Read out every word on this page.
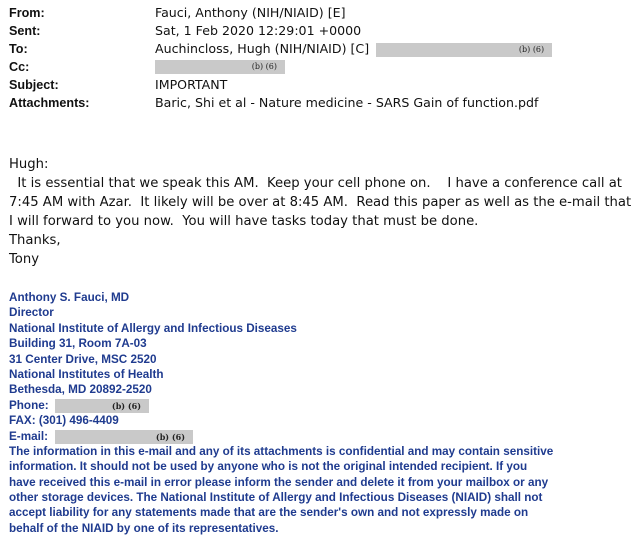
From:	Fauci, Anthony (NIH/NIAID) [E]
Sent:	Sat, 1 Feb 2020 12:29:01 +0000
To:	Auchincloss, Hugh (NIH/NIAID) [C]	(b) (6)
Cc:	(b) (6)
Subject:	IMPORTANT
Attachments:	Baric, Shi et al - Nature medicine - SARS Gain of function.pdf
Hugh:
It is essential that we speak this AM.  Keep your cell phone on.    I have a conference call at
7:45 AM with Azar.  It likely will be over at 8:45 AM.  Read this paper as well as the e-mail that
I will forward to you now.  You will have tasks today that must be done.
Thanks,
Tony
Anthony S. Fauci, MD
Director
National Institute of Allergy and Infectious Diseases
Building 31, Room 7A-03
31 Center Drive, MSC 2520
National Institutes of Health
Bethesda, MD 20892-2520
Phone:	(b) (6)
FAX: (301) 496-4409
E-mail:	(b) (6)
The information in this e-mail and any of its attachments is confidential and may contain sensitive
information. It should not be used by anyone who is not the original intended recipient. If you
have received this e-mail in error please inform the sender and delete it from your mailbox or any
other storage devices. The National Institute of Allergy and Infectious Diseases (NIAID) shall not
accept liability for any statements made that are the sender's own and not expressly made on
behalf of the NIAID by one of its representatives.
